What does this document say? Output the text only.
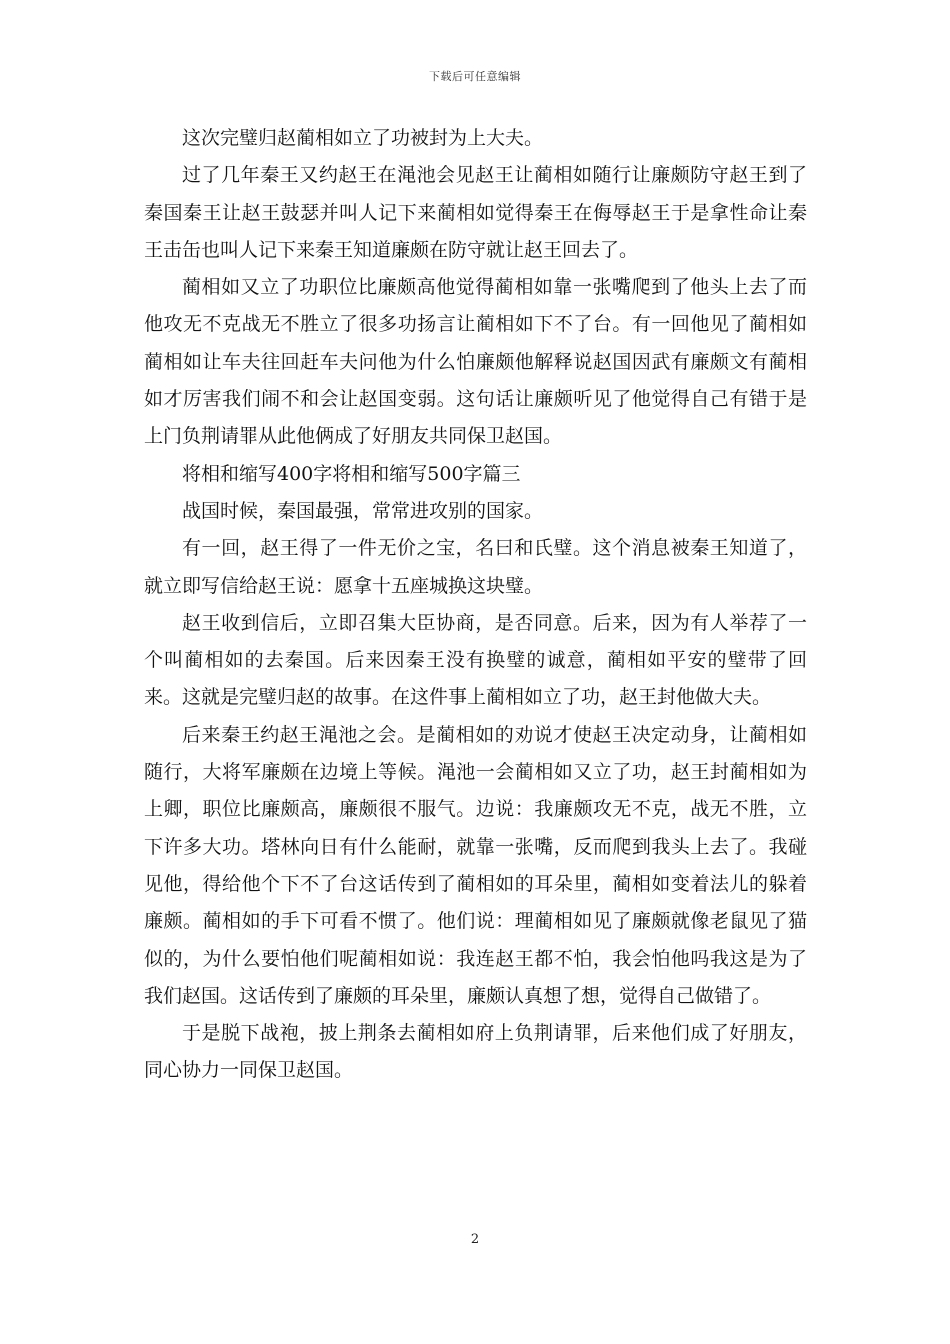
下载后可任意编辑

这次完璧归赵蔺相如立了功被封为上大夫。

过了几年秦王又约赵王在渑池会见赵王让蔺相如随行让廉颇防守赵王到了秦国秦王让赵王鼓瑟并叫人记下来蔺相如觉得秦王在侮辱赵王于是拿性命让秦王击缶也叫人记下来秦王知道廉颇在防守就让赵王回去了。

蔺相如又立了功职位比廉颇高他觉得蔺相如靠一张嘴爬到了他头上去了而他攻无不克战无不胜立了很多功扬言让蔺相如下不了台。有一回他见了蔺相如蔺相如让车夫往回赶车夫问他为什么怕廉颇他解释说赵国因武有廉颇文有蔺相如才厉害我们闹不和会让赵国变弱。这句话让廉颇听见了他觉得自己有错于是上门负荆请罪从此他俩成了好朋友共同保卫赵国。

将相和缩写400字将相和缩写500字篇三

战国时候，秦国最强，常常进攻别的国家。

有一回，赵王得了一件无价之宝，名曰和氏璧。这个消息被秦王知道了，就立即写信给赵王说：愿拿十五座城换这块璧。

赵王收到信后，立即召集大臣协商，是否同意。后来，因为有人举荐了一个叫蔺相如的去秦国。后来因秦王没有换璧的诚意，蔺相如平安的璧带了回来。这就是完璧归赵的故事。在这件事上蔺相如立了功，赵王封他做大夫。

后来秦王约赵王渑池之会。是蔺相如的劝说才使赵王决定动身，让蔺相如随行，大将军廉颇在边境上等候。渑池一会蔺相如又立了功，赵王封蔺相如为上卿，职位比廉颇高，廉颇很不服气。边说：我廉颇攻无不克，战无不胜，立下许多大功。塔林向日有什么能耐，就靠一张嘴，反而爬到我头上去了。我碰见他，得给他个下不了台这话传到了蔺相如的耳朵里，蔺相如变着法儿的躲着廉颇。蔺相如的手下可看不惯了。他们说：理蔺相如见了廉颇就像老鼠见了猫似的，为什么要怕他们呢蔺相如说：我连赵王都不怕，我会怕他吗我这是为了我们赵国。这话传到了廉颇的耳朵里，廉颇认真想了想，觉得自己做错了。

于是脱下战袍，披上荆条去蔺相如府上负荆请罪，后来他们成了好朋友，同心协力一同保卫赵国。

2
